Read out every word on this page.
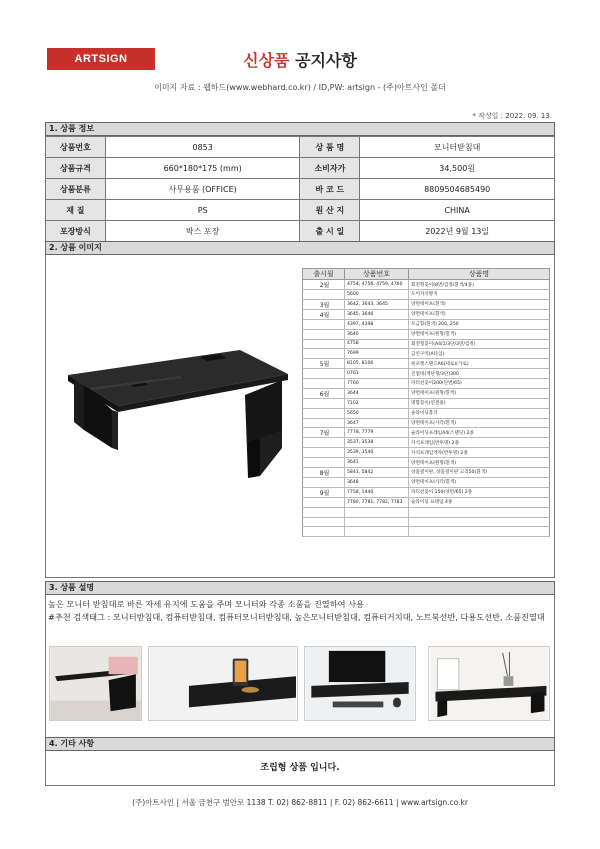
ARTSIGN	신상품 공지사항
이미지 자료 : 웹하드(www.webhard.co.kr) / ID,PW: artsign - (주)아트사인 폴더
* 작성일 : 2022. 09. 13.
1. 상품 정보
상품번호	0853	상 품 명	모니터받침대
상품규격	660*180*175 (mm)	소비자가	34,500원
상품분류	사무용품 (OFFICE)	바 코 드	8809504685490
재 질	PS	원 산 지	CHINA
포장방식	박스 포장	출 시 일	2022년 9월 13일
2. 상품 이미지
출시월	상품번호	상품명
2월	4754, 4756, 4759, 4760	회전형꽂이(8면/검정/흰색/4종)
	5600	도어자석방지
3월	3642, 3643, 3645	양면테이프(흰색)
4월	3645, 3646	양면테이프(흰색)
	4397, 4398	모금함(흰색) 200, 250
	3640	양면테이프(원형/흰색)
	4758	회전형꽂이(A4/1/3단/3면/검정)
	7699	금연구역(A타입)
5월	8105, 8106	원포켓스탠드A6(세로)(가로)
	0761	진열대(계단형/3단)300
	7760	파티션꽂이200(단면/65)
6월	3644	양면테이프(원형/흰색)
	7102	명함꽂이(연결용)
	5650	슬라이딩홀더
	3647	양면테이프(사각/흰색)
7월	7778, 7779	슬라이딩프레임A4(스탠딩) 2종
	3537, 3538	자석프레임(반투명) 2종
	3539, 3540	자석프레임액자(반투명) 2종
	3641	양면테이프(원형/흰색)
8월	5841, 5842	상품걸이판, 상품걸이판 고리50(흰색)
	3648	양면테이프(사각/흰색)
9월	7758, 1440	파티션꽂이 150(양면/65) 2종
	7780, 7781, 7782, 7783	슬라이딩 프레임 4종

3. 상품 설명

높은 모니터 받침대로 바른 자세 유지에 도움을 주며 모니터와 각종 소품을 진열하여 사용

#추천 검색태그 : 모니터받침대, 컴퓨터받침대, 컴퓨터모니터받침대, 높은모니터받침대, 컴퓨터거치대, 노트북선반, 다용도선반, 소품진열대

4. 기타 사항
조립형 상품 입니다.
(주)아트사인 | 서울 금천구 범안로 1138 T. 02) 862-8811 | F. 02) 862-6611 | www.artsign.co.kr
